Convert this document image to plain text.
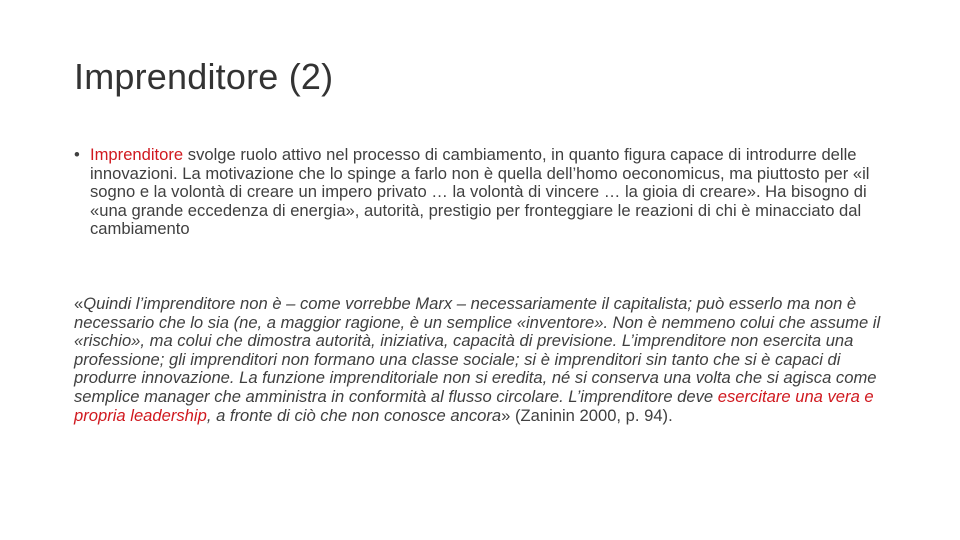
Imprenditore (2)
• Imprenditore svolge ruolo attivo nel processo di cambiamento, in quanto figura capace di introdurre delle innovazioni. La motivazione che lo spinge a farlo non è quella dell’homo oeconomicus, ma piuttosto per «il sogno e la volontà di creare un impero privato … la volontà di vincere … la gioia di creare». Ha bisogno di «una grande eccedenza di energia», autorità, prestigio per fronteggiare le reazioni di chi è minacciato dal cambiamento
«Quindi l’imprenditore non è – come vorrebbe Marx – necessariamente il capitalista; può esserlo ma non è necessario che lo sia (ne, a maggior ragione, è un semplice «inventore». Non è nemmeno colui che assume il «rischio», ma colui che dimostra autorità, iniziativa, capacità di previsione. L’imprenditore non esercita una professione; gli imprenditori non formano una classe sociale; si è imprenditori sin tanto che si è capaci di produrre innovazione. La funzione imprenditoriale non si eredita, né si conserva una volta che si agisca come semplice manager che amministra in conformità al flusso circolare. L’imprenditore deve esercitare una vera e propria leadership, a fronte di ciò che non conosce ancora» (Zaninin 2000, p. 94).
